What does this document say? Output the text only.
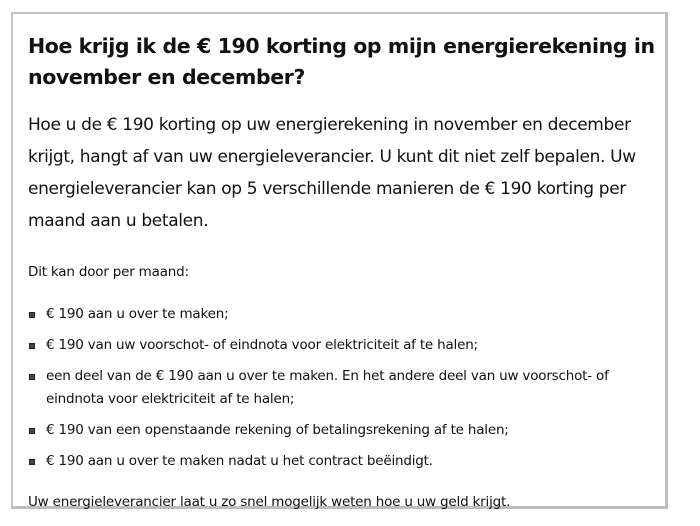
Hoe krijg ik de € 190 korting op mijn energierekening in november en december?

Hoe u de € 190 korting op uw energierekening in november en december krijgt, hangt af van uw energieleverancier. U kunt dit niet zelf bepalen. Uw energieleverancier kan op 5 verschillende manieren de € 190 korting per maand aan u betalen.

Dit kan door per maand:

€ 190 aan u over te maken;
€ 190 van uw voorschot- of eindnota voor elektriciteit af te halen;
een deel van de € 190 aan u over te maken. En het andere deel van uw voorschot- of eindnota voor elektriciteit af te halen;
€ 190 van een openstaande rekening of betalingsrekening af te halen;
€ 190 aan u over te maken nadat u het contract beëindigt.

Uw energieleverancier laat u zo snel mogelijk weten hoe u uw geld krijgt.
